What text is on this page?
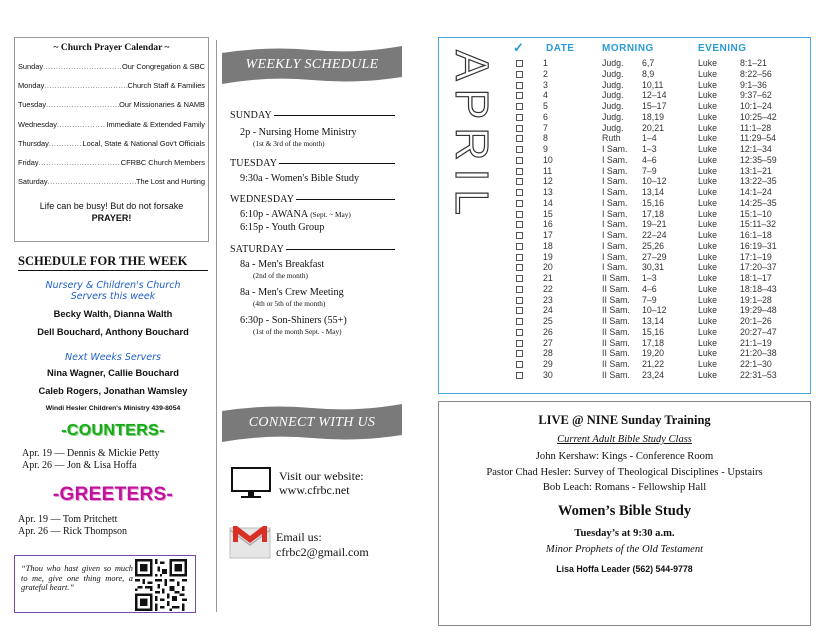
~ Church Prayer Calendar ~
Sunday .....	Our Congregation & SBC
Monday .....	Church Staff & Families
Tuesday .....	Our Missionaries & NAMB
Wednesday .....	Immediate & Extended Family
Thursday .....	Local, State & National Gov't Officials
Friday .....	CFRBC Church Members
Saturday .....	The Lost and Hurting
Life can be busy! But do not forsake
PRAYER!
SCHEDULE FOR THE WEEK
Nursery & Children's Church
Servers this week
Becky Walth, Dianna Walth
Dell Bouchard, Anthony Bouchard
Next Weeks Servers
Nina Wagner, Callie Bouchard
Caleb Rogers, Jonathan Wamsley
Windi Hesler Children's Ministry 439-8054
-COUNTERS-
Apr. 19 — Dennis & Mickie Petty
Apr. 26 — Jon & Lisa Hoffa
-GREETERS-
Apr. 19 — Tom Pritchett
Apr. 26 — Rick Thompson
“Thou who hast given so much to me, give one thing more, a grateful heart.”
WEEKLY SCHEDULE
SUNDAY
2p - Nursing Home Ministry
(1st & 3rd of the month)
TUESDAY
9:30a - Women's Bible Study
WEDNESDAY
6:10p - AWANA (Sept. ~ May)
6:15p - Youth Group
SATURDAY
8a - Men's Breakfast
(2nd of the month)
8a - Men's Crew Meeting
(4th or 5th of the month)
6:30p - Son-Shiners (55+)
(1st of the month Sept. - May)
CONNECT WITH US
Visit our website:
www.cfrbc.net
Email us:
cfrbc2@gmail.com
APRIL
✓ DATE	MORNING	EVENING
1	Judg. 6,7	Luke	8:1–21
2	Judg. 8,9	Luke	8:22–56
3	Judg. 10,11	Luke	9:1–36
4	Judg. 12–14	Luke	9:37–62
5	Judg. 15–17	Luke	10:1–24
6	Judg. 18,19	Luke	10:25–42
7	Judg. 20,21	Luke	11:1–28
8	Ruth 1–4	Luke	11:29–54
9	I Sam. 1–3	Luke	12:1–34
10	I Sam. 4–6	Luke	12:35–59
11	I Sam. 7–9	Luke	13:1–21
12	I Sam. 10–12	Luke	13:22–35
13	I Sam. 13,14	Luke	14:1–24
14	I Sam. 15,16	Luke	14:25–35
15	I Sam. 17,18	Luke	15:1–10
16	I Sam. 19–21	Luke	15:11–32
17	I Sam. 22–24	Luke	16:1–18
18	I Sam. 25,26	Luke	16:19–31
19	I Sam. 27–29	Luke	17:1–19
20	I Sam. 30,31	Luke	17:20–37
21	II Sam. 1–3	Luke	18:1–17
22	II Sam. 4–6	Luke	18:18–43
23	II Sam. 7–9	Luke	19:1–28
24	II Sam. 10–12	Luke	19:29–48
25	II Sam. 13,14	Luke	20:1–26
26	II Sam. 15,16	Luke	20:27–47
27	II Sam. 17,18	Luke	21:1–19
28	II Sam. 19,20	Luke	21:20–38
29	II Sam. 21,22	Luke	22:1–30
30	II Sam. 23,24	Luke	22:31–53
LIVE @ NINE Sunday Training
Current Adult Bible Study Class
John Kershaw: Kings - Conference Room
Pastor Chad Hesler: Survey of Theological Disciplines - Upstairs
Bob Leach: Romans - Fellowship Hall
Women’s Bible Study
Tuesday’s at 9:30 a.m.
Minor Prophets of the Old Testament
Lisa Hoffa Leader (562) 544-9778
